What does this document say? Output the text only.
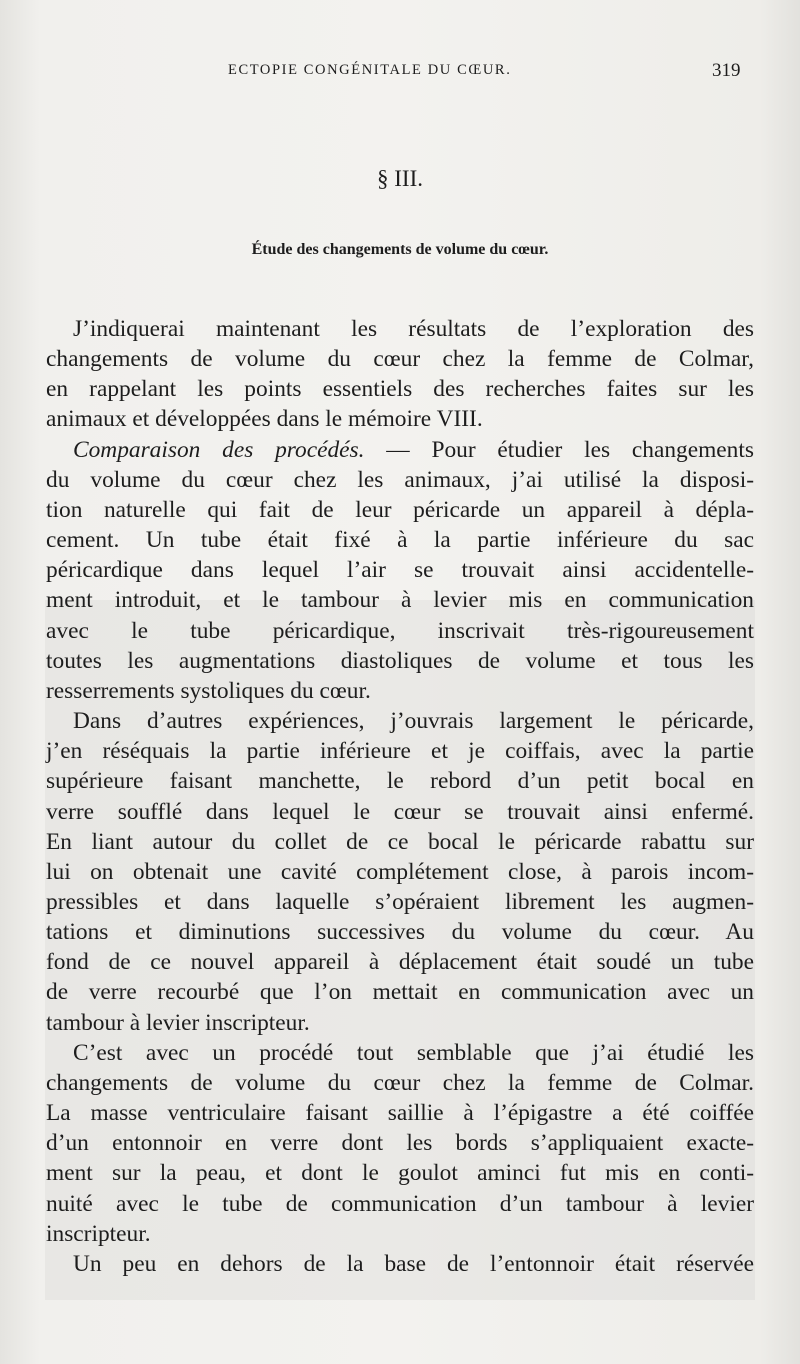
ECTOPIE CONGÉNITALE DU CŒUR.	319
§ III.
Étude des changements de volume du cœur.
J’indiquerai maintenant les résultats de l’exploration des
changements de volume du cœur chez la femme de Colmar,
en rappelant les points essentiels des recherches faites sur les
animaux et développées dans le mémoire VIII.
Comparaison des procédés. — Pour étudier les changements
du volume du cœur chez les animaux, j’ai utilisé la disposi-
tion naturelle qui fait de leur péricarde un appareil à dépla-
cement. Un tube était fixé à la partie inférieure du sac
péricardique dans lequel l’air se trouvait ainsi accidentelle-
ment introduit, et le tambour à levier mis en communication
avec le tube péricardique, inscrivait très-rigoureusement
toutes les augmentations diastoliques de volume et tous les
resserrements systoliques du cœur.
Dans d’autres expériences, j’ouvrais largement le péricarde,
j’en réséquais la partie inférieure et je coiffais, avec la partie
supérieure faisant manchette, le rebord d’un petit bocal en
verre soufflé dans lequel le cœur se trouvait ainsi enfermé.
En liant autour du collet de ce bocal le péricarde rabattu sur
lui on obtenait une cavité complétement close, à parois incom-
pressibles et dans laquelle s’opéraient librement les augmen-
tations et diminutions successives du volume du cœur. Au
fond de ce nouvel appareil à déplacement était soudé un tube
de verre recourbé que l’on mettait en communication avec un
tambour à levier inscripteur.
C’est avec un procédé tout semblable que j’ai étudié les
changements de volume du cœur chez la femme de Colmar.
La masse ventriculaire faisant saillie à l’épigastre a été coiffée
d’un entonnoir en verre dont les bords s’appliquaient exacte-
ment sur la peau, et dont le goulot aminci fut mis en conti-
nuité avec le tube de communication d’un tambour à levier
inscripteur.
Un peu en dehors de la base de l’entonnoir était réservée
